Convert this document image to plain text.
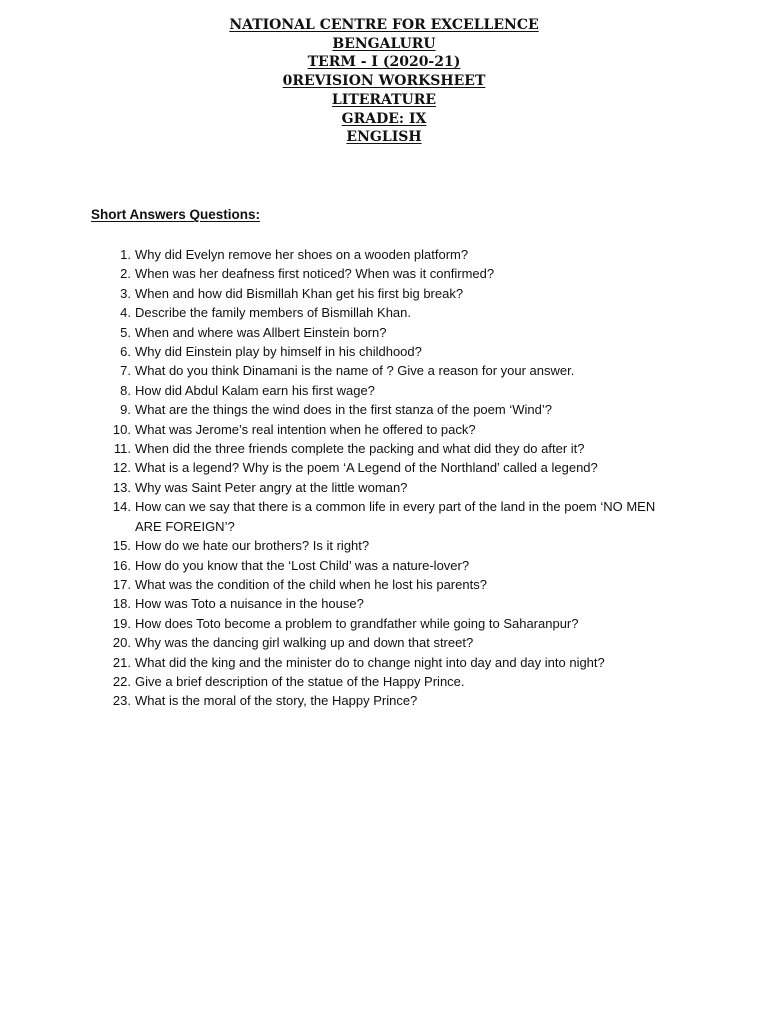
NATIONAL CENTRE FOR EXCELLENCE
BENGALURU
TERM - I (2020-21)
0REVISION WORKSHEET
LITERATURE
GRADE: IX
ENGLISH
Short Answers Questions:
1. Why did Evelyn remove her shoes on a wooden platform?
2. When was her deafness first noticed? When was it confirmed?
3. When and how did Bismillah Khan get his first big break?
4. Describe the family members of Bismillah Khan.
5. When and where was Allbert Einstein born?
6. Why did Einstein play by himself in his childhood?
7. What do you think Dinamani is the name of ? Give a reason for your answer.
8. How did Abdul Kalam earn his first wage?
9. What are the things the wind does in the first stanza of the poem ‘Wind’?
10. What was Jerome’s real intention when he offered to pack?
11. When did the three friends complete the packing and what did they do after it?
12. What is a legend? Why is the poem ‘A Legend of the Northland’ called a legend?
13. Why was Saint Peter angry at the little woman?
14. How can we say that there is a common life in every part of the land in the poem ‘NO MEN ARE FOREIGN’?
15. How do we hate our brothers? Is it right?
16. How do you know that the ‘Lost Child’ was a nature-lover?
17. What was the condition of the child when he lost his parents?
18. How was Toto a nuisance in the house?
19. How does Toto become a problem to grandfather while going to Saharanpur?
20. Why was the dancing girl walking up and down that street?
21. What did the king and the minister do to change night into day and day into night?
22. Give a brief description of the statue of the Happy Prince.
23. What is the moral of the story, the Happy Prince?
